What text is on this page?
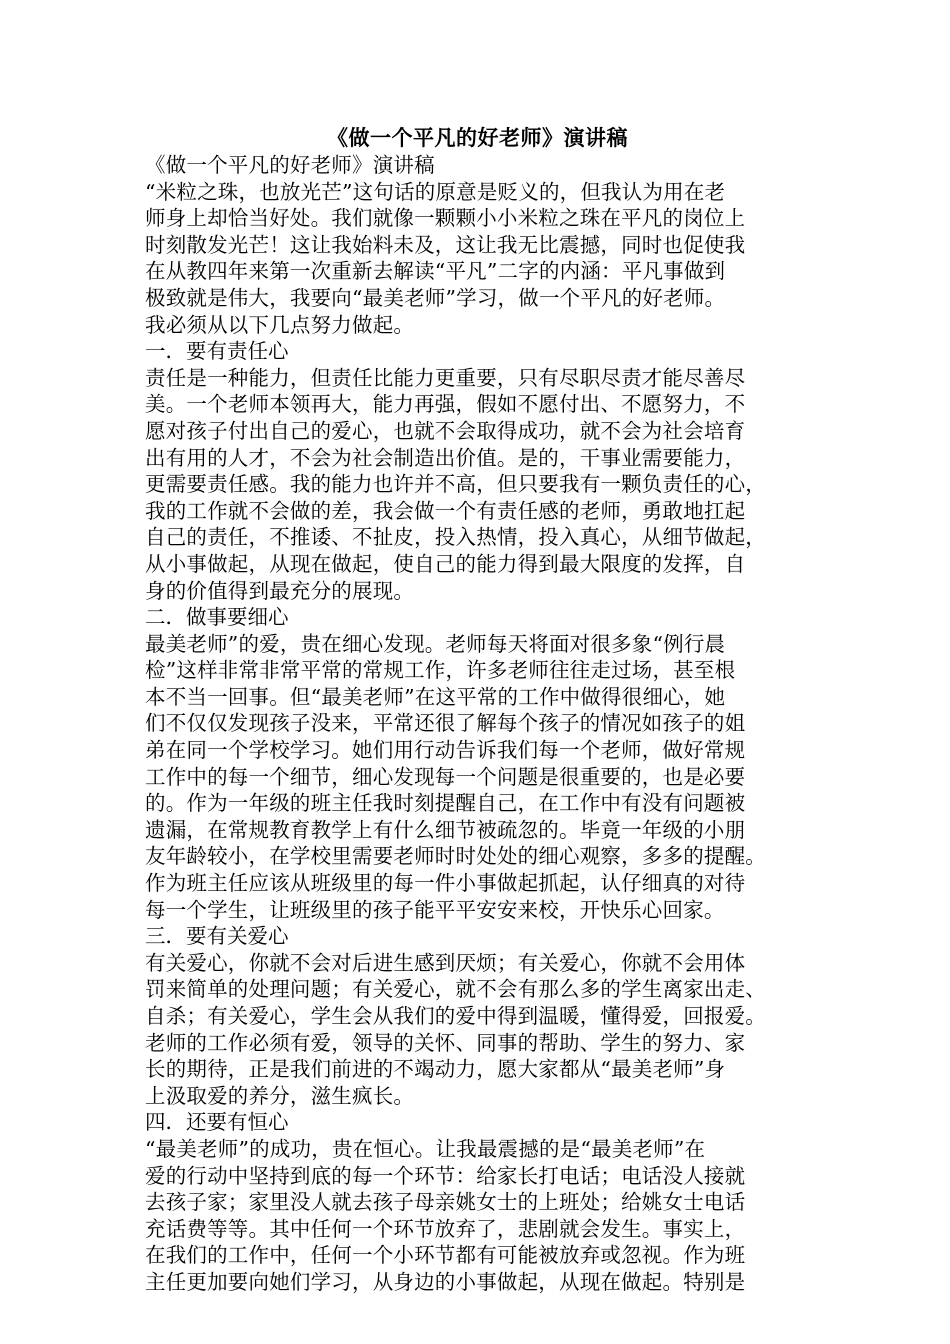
《做一个平凡的好老师》演讲稿

《做一个平凡的好老师》演讲稿

“米粒之珠，也放光芒”这句话的原意是贬义的，但我认为用在老

师身上却恰当好处。我们就像一颗颗小小米粒之珠在平凡的岗位上

时刻散发光芒！这让我始料未及，这让我无比震撼，同时也促使我

在从教四年来第一次重新去解读“平凡”二字的内涵：平凡事做到

极致就是伟大，我要向“最美老师”学习，做一个平凡的好老师。

我必须从以下几点努力做起。

一．要有责任心

责任是一种能力，但责任比能力更重要，只有尽职尽责才能尽善尽

美。一个老师本领再大，能力再强，假如不愿付出、不愿努力，不

愿对孩子付出自己的爱心，也就不会取得成功，就不会为社会培育

出有用的人才，不会为社会制造出价值。是的，干事业需要能力，

更需要责任感。我的能力也许并不高，但只要我有一颗负责任的心，

我的工作就不会做的差，我会做一个有责任感的老师，勇敢地扛起

自己的责任，不推诿、不扯皮，投入热情，投入真心，从细节做起，

从小事做起，从现在做起，使自己的能力得到最大限度的发挥，自

身的价值得到最充分的展现。

二．做事要细心

最美老师”的爱，贵在细心发现。老师每天将面对很多象“例行晨

检”这样非常非常平常的常规工作，许多老师往往走过场，甚至根

本不当一回事。但“最美老师”在这平常的工作中做得很细心，她

们不仅仅发现孩子没来，平常还很了解每个孩子的情况如孩子的姐

弟在同一个学校学习。她们用行动告诉我们每一个老师，做好常规

工作中的每一个细节，细心发现每一个问题是很重要的，也是必要

的。作为一年级的班主任我时刻提醒自己，在工作中有没有问题被

遗漏，在常规教育教学上有什么细节被疏忽的。毕竟一年级的小朋

友年龄较小，在学校里需要老师时时处处的细心观察，多多的提醒。

作为班主任应该从班级里的每一件小事做起抓起，认仔细真的对待

每一个学生，让班级里的孩子能平平安安来校，开快乐心回家。

三．要有关爱心

有关爱心，你就不会对后进生感到厌烦；有关爱心，你就不会用体

罚来简单的处理问题；有关爱心，就不会有那么多的学生离家出走、

自杀；有关爱心，学生会从我们的爱中得到温暖，懂得爱，回报爱。

老师的工作必须有爱，领导的关怀、同事的帮助、学生的努力、家

长的期待，正是我们前进的不竭动力，愿大家都从“最美老师”身

上汲取爱的养分，滋生疯长。

四．还要有恒心

“最美老师”的成功，贵在恒心。让我最震撼的是“最美老师”在

爱的行动中坚持到底的每一个环节：给家长打电话；电话没人接就

去孩子家；家里没人就去孩子母亲姚女士的上班处；给姚女士电话

充话费等等。其中任何一个环节放弃了，悲剧就会发生。事实上，

在我们的工作中，任何一个小环节都有可能被放弃或忽视。作为班

主任更加要向她们学习，从身边的小事做起，从现在做起。特别是
